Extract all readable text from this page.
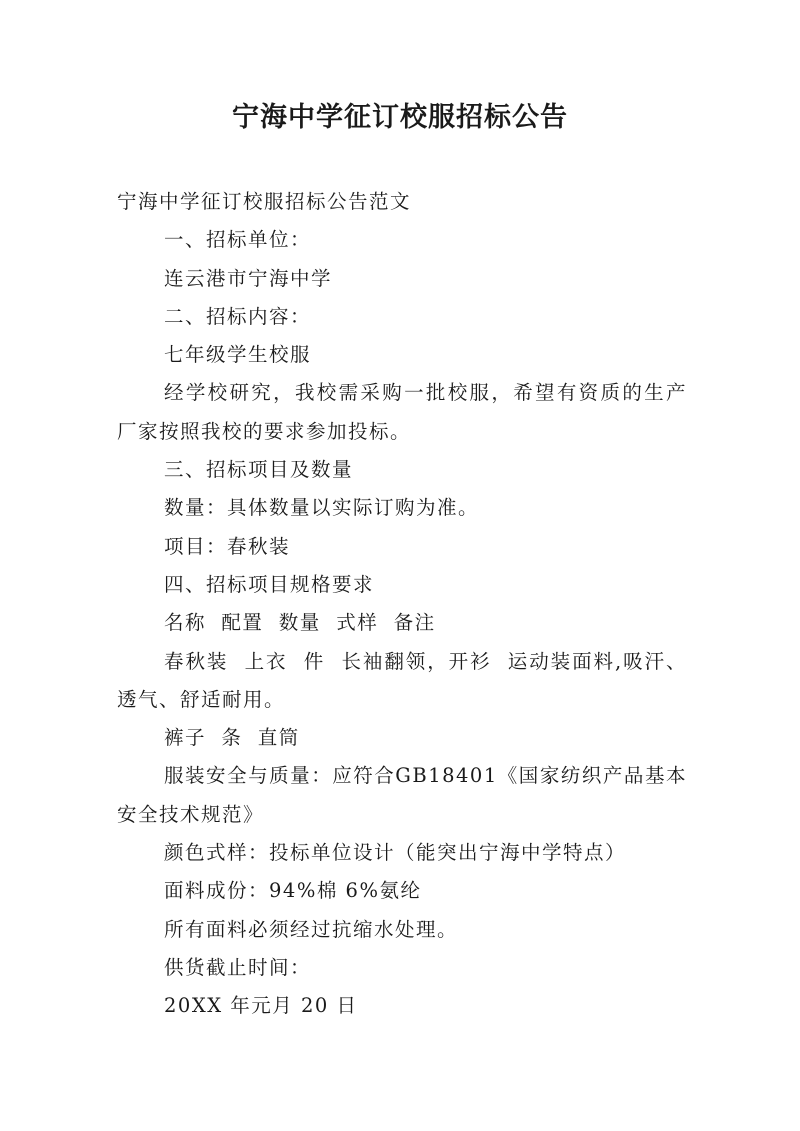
宁海中学征订校服招标公告

宁海中学征订校服招标公告范文

一、招标单位：

连云港市宁海中学

二、招标内容：

七年级学生校服

经学校研究，我校需采购一批校服，希望有资质的生产厂家按照我校的要求参加投标。

三、招标项目及数量

数量：具体数量以实际订购为准。

项目：春秋装

四、招标项目规格要求

名称  配置  数量  式样  备注

春秋装  上衣  件  长袖翻领，开衫  运动装面料,吸汗、透气、舒适耐用。

裤子  条  直筒

服装安全与质量：应符合GB18401《国家纺织产品基本安全技术规范》

颜色式样：投标单位设计（能突出宁海中学特点）

面料成份：94%棉 6%氨纶

所有面料必须经过抗缩水处理。

供货截止时间：

20XX 年元月 20 日
